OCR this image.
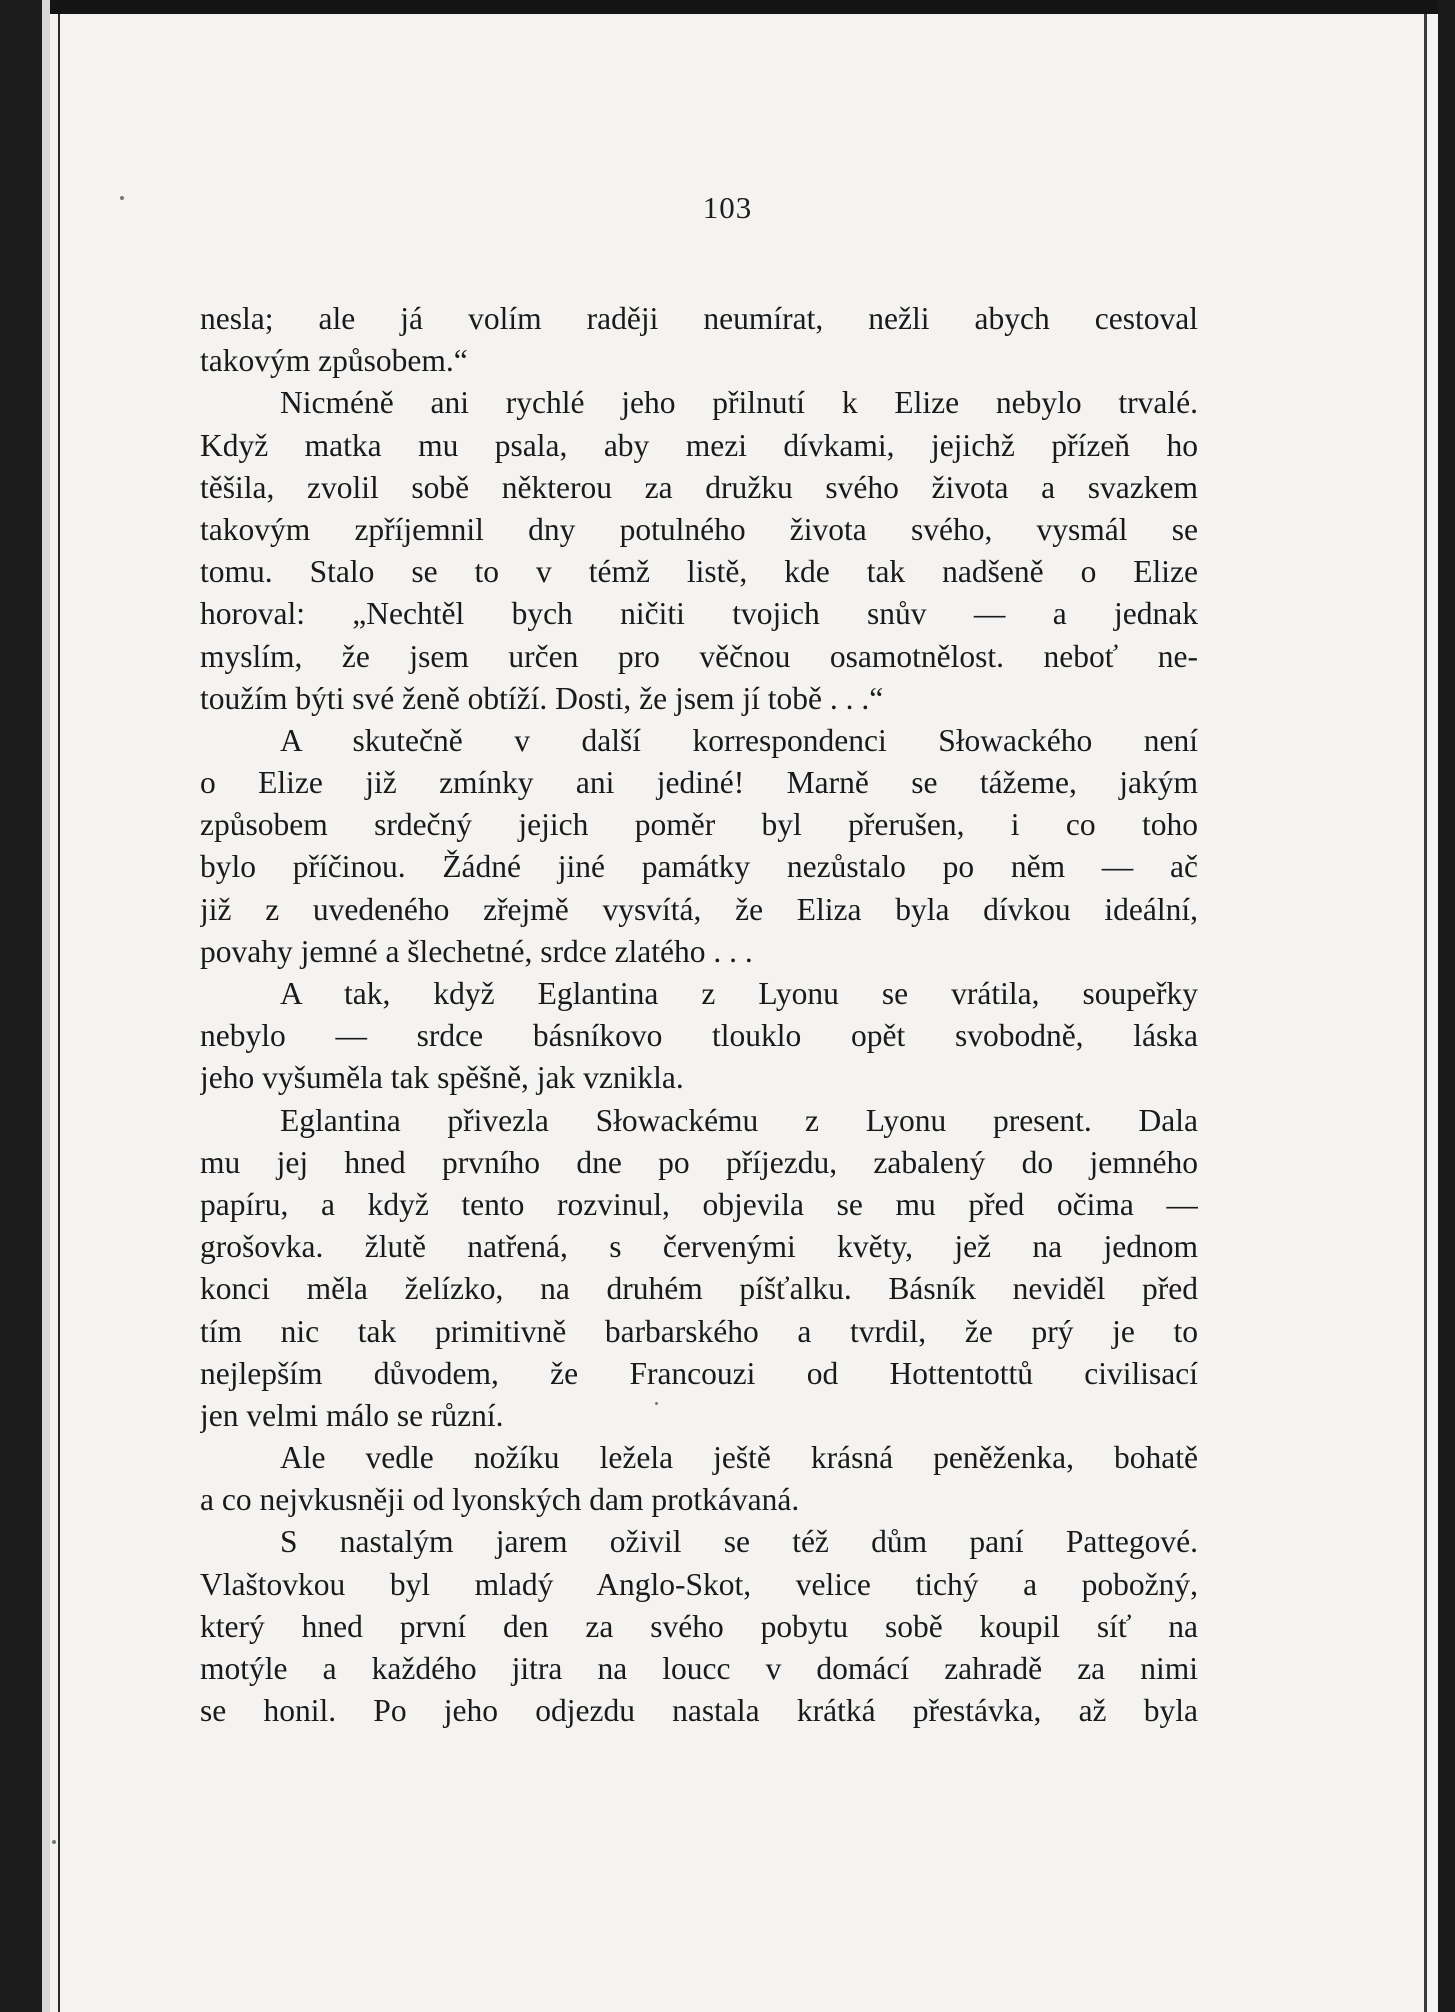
103
nesla; ale já volím raději neumírat, nežli abych cestoval
takovým způsobem.“
Nicméně ani rychlé jeho přilnutí k Elize nebylo trvalé.
Když matka mu psala, aby mezi dívkami, jejichž přízeň ho
těšila, zvolil sobě některou za družku svého života a svazkem
takovým zpříjemnil dny potulného života svého, vysmál se
tomu. Stalo se to v témž listě, kde tak nadšeně o Elize
horoval: „Nechtěl bych ničiti tvojich snův — a jednak
myslím, že jsem určen pro věčnou osamotnělost. neboť ne-
toužím býti své ženě obtíží. Dosti, že jsem jí tobě . . .“
A skutečně v další korrespondenci Słowackého není
o Elize již zmínky ani jediné! Marně se tážeme, jakým
způsobem srdečný jejich poměr byl přerušen, i co toho
bylo příčinou. Žádné jiné památky nezůstalo po něm — ač
již z uvedeného zřejmě vysvítá, že Eliza byla dívkou ideální,
povahy jemné a šlechetné, srdce zlatého . . .
A tak, když Eglantina z Lyonu se vrátila, soupeřky
nebylo — srdce básníkovo tlouklo opět svobodně, láska
jeho vyšuměla tak spěšně, jak vznikla.
Eglantina přivezla Słowackému z Lyonu present. Dala
mu jej hned prvního dne po příjezdu, zabalený do jemného
papíru, a když tento rozvinul, objevila se mu před očima —
grošovka. žlutě natřená, s červenými květy, jež na jednom
konci měla želízko, na druhém píšťalku. Básník neviděl před
tím nic tak primitivně barbarského a tvrdil, že prý je to
nejlepším důvodem, že Francouzi od Hottentottů civilisací
jen velmi málo se různí.
Ale vedle nožíku ležela ještě krásná peněženka, bohatě
a co nejvkusněji od lyonských dam protkávaná.
S nastalým jarem oživil se též dům paní Pattegové.
Vlaštovkou byl mladý Anglo-Skot, velice tichý a pobožný,
který hned první den za svého pobytu sobě koupil síť na
motýle a každého jitra na loucc v domácí zahradě za nimi
se honil. Po jeho odjezdu nastala krátká přestávka, až byla
